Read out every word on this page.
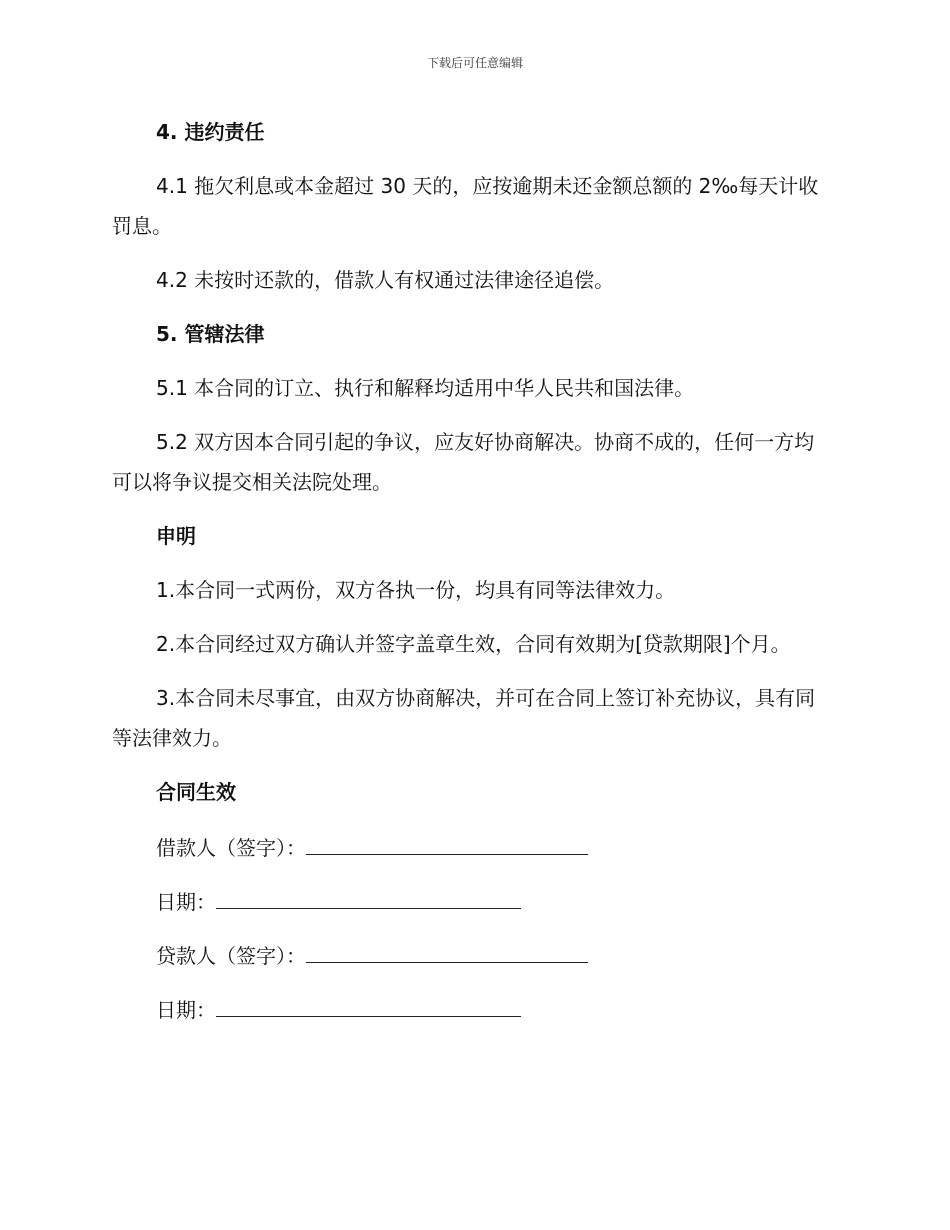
下载后可任意编辑
4. 违约责任

4.1 拖欠利息或本金超过 30 天的，应按逾期未还金额总额的 2‰每天计收罚息。

4.2 未按时还款的，借款人有权通过法律途径追偿。

5. 管辖法律

5.1 本合同的订立、执行和解释均适用中华人民共和国法律。

5.2 双方因本合同引起的争议，应友好协商解决。协商不成的，任何一方均可以将争议提交相关法院处理。

申明

1.本合同一式两份，双方各执一份，均具有同等法律效力。

2.本合同经过双方确认并签字盖章生效，合同有效期为[贷款期限]个月。

3.本合同未尽事宜，由双方协商解决，并可在合同上签订补充协议，具有同等法律效力。

合同生效
借款人（签字）：
日期：
贷款人（签字）：
日期：
